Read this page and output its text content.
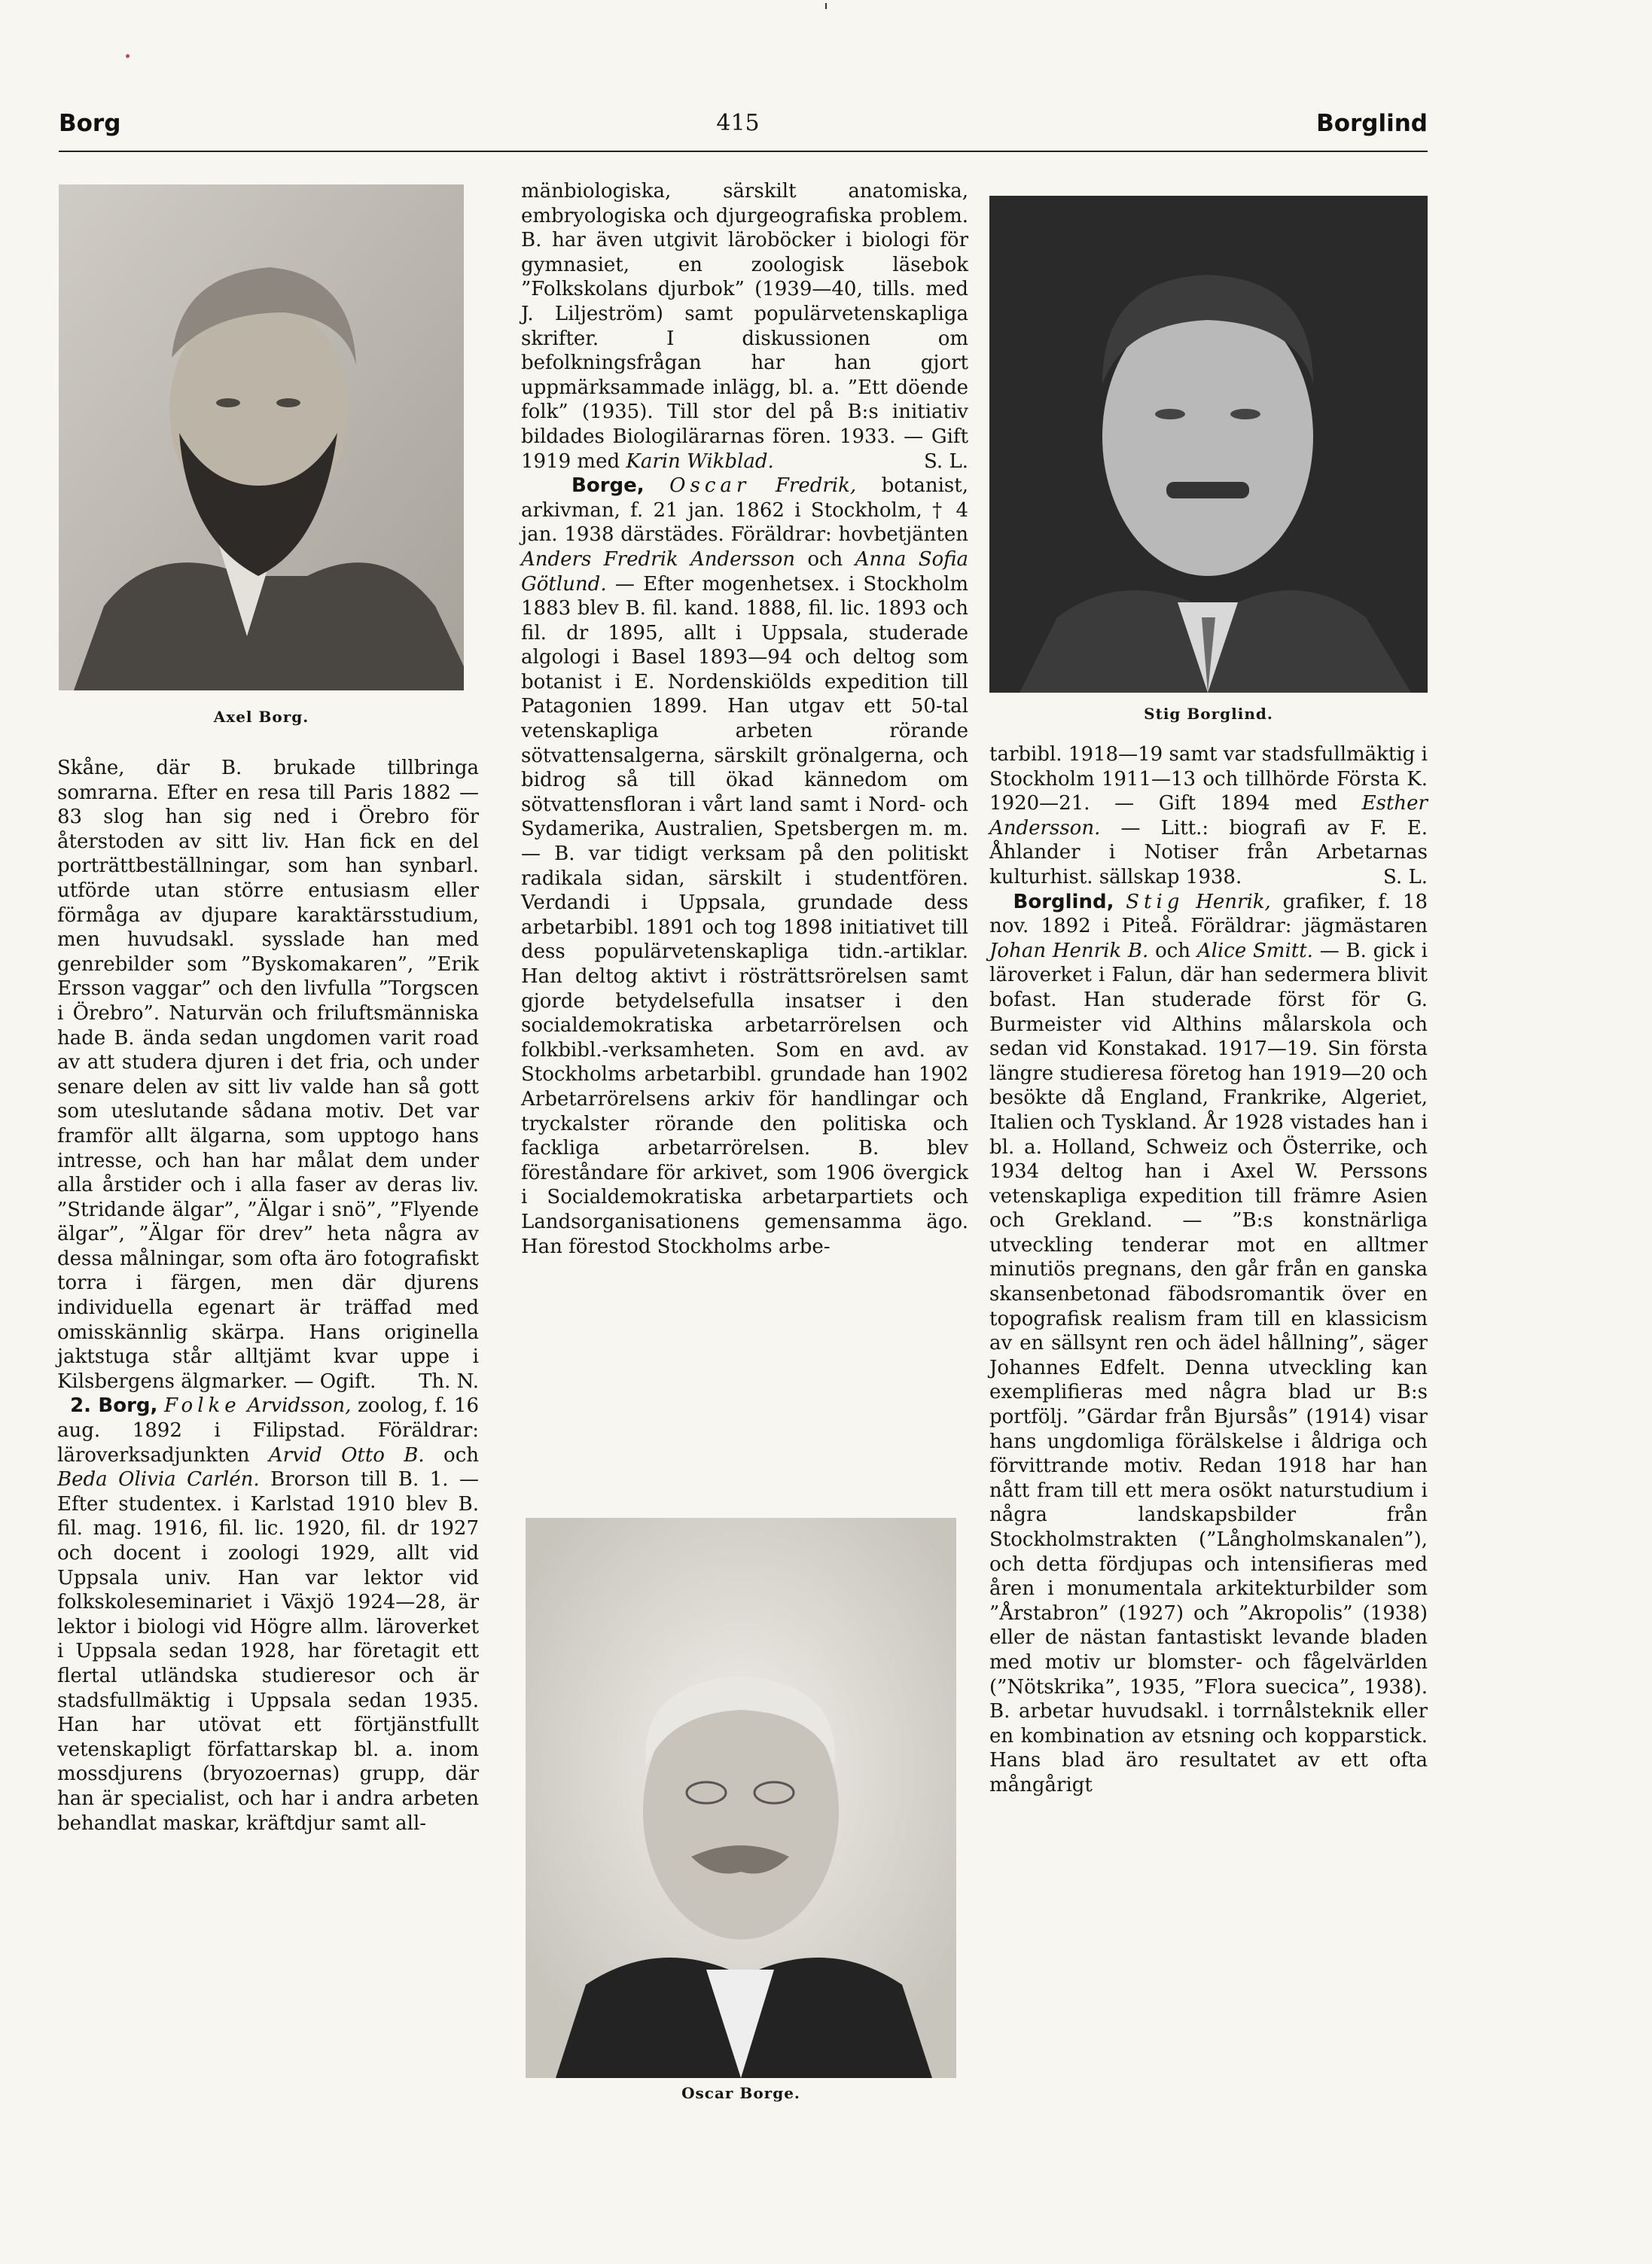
Borg	415	Borglind
Axel Borg.	Stig Borglind.
Oscar Borge.

Skåne, där B. brukade tillbringa somrarna. Efter en resa till Paris 1882 —83 slog han sig ned i Örebro för återstoden av sitt liv. Han fick en del porträttbeställningar, som han synbarl. utförde utan större entusiasm eller förmåga av djupare karaktärsstudium, men huvudsakl. sysslade han med genrebilder som ”Byskomakaren”, ”Erik Ersson vaggar” och den livfulla ”Torgscen i Örebro”. Naturvän och friluftsmänniska hade B. ända sedan ungdomen varit road av att studera djuren i det fria, och under senare delen av sitt liv valde han så gott som uteslutande sådana motiv. Det var framför allt älgarna, som upptogo hans intresse, och han har målat dem under alla årstider och i alla faser av deras liv. ”Stridande älgar”, ”Älgar i snö”, ”Flyende älgar”, ”Älgar för drev” heta några av dessa målningar, som ofta äro fotografiskt torra i färgen, men där djurens individuella egenart är träffad med omisskännlig skärpa. Hans originella jaktstuga står alltjämt kvar uppe i Kilsbergens älgmarker. — Ogift. Th. N.

2. Borg, Folke Arvidsson, zoolog, f. 16 aug. 1892 i Filipstad. Föräldrar: läroverksadjunkten Arvid Otto B. och Beda Olivia Carlén. Brorson till B. 1. — Efter studentex. i Karlstad 1910 blev B. fil. mag. 1916, fil. lic. 1920, fil. dr 1927 och docent i zoologi 1929, allt vid Uppsala univ. Han var lektor vid folkskoleseminariet i Växjö 1924—28, är lektor i biologi vid Högre allm. läroverket i Uppsala sedan 1928, har företagit ett flertal utländska studieresor och är stadsfullmäktig i Uppsala sedan 1935. Han har utövat ett förtjänstfullt vetenskapligt författarskap bl. a. inom mossdjurens (bryozoernas) grupp, där han är specialist, och har i andra arbeten behandlat maskar, kräftdjur samt all-

mänbiologiska, särskilt anatomiska, embryologiska och djurgeografiska problem. B. har även utgivit läroböcker i biologi för gymnasiet, en zoologisk läsebok ”Folkskolans djurbok” (1939—40, tills. med J. Liljeström) samt populärvetenskapliga skrifter. I diskussionen om befolkningsfrågan har han gjort uppmärksammade inlägg, bl. a. ”Ett döende folk” (1935). Till stor del på B:s initiativ bildades Biologilärarnas fören. 1933. — Gift 1919 med Karin Wikblad.	S. L.

Borge, Oscar Fredrik, botanist, arkivman, f. 21 jan. 1862 i Stockholm, † 4 jan. 1938 därstädes. Föräldrar: hovbetjänten Anders Fredrik Andersson och Anna Sofia Götlund. — Efter mogenhetsex. i Stockholm 1883 blev B. fil. kand. 1888, fil. lic. 1893 och fil. dr 1895, allt i Uppsala, studerade algologi i Basel 1893—94 och deltog som botanist i E. Nordenskiölds expedition till Patagonien 1899. Han utgav ett 50-tal vetenskapliga arbeten rörande sötvattensalgerna, särskilt grönalgerna, och bidrog så till ökad kännedom om sötvattensfloran i vårt land samt i Nord- och Sydamerika, Australien, Spetsbergen m. m. — B. var tidigt verksam på den politiskt radikala sidan, särskilt i studentfören. Verdandi i Uppsala, grundade dess arbetarbibl. 1891 och tog 1898 initiativet till dess populärvetenskapliga tidn.-artiklar. Han deltog aktivt i rösträttsrörelsen samt gjorde betydelsefulla insatser i den socialdemokratiska arbetarrörelsen och folkbibl.-verksamheten. Som en avd. av Stockholms arbetarbibl. grundade han 1902 Arbetarrörelsens arkiv för handlingar och tryckalster rörande den politiska och fackliga arbetarrörelsen. B. blev föreståndare för arkivet, som 1906 övergick i Socialdemokratiska arbetarpartiets och Landsorganisationens gemensamma ägo. Han förestod Stockholms arbe-

tarbibl. 1918—19 samt var stadsfullmäktig i Stockholm 1911—13 och tillhörde Första K. 1920—21. — Gift 1894 med Esther Andersson. — Litt.: biografi av F. E. Åhlander i Notiser från Arbetarnas kulturhist. sällskap 1938.	S. L.

Borglind, Stig Henrik, grafiker, f. 18 nov. 1892 i Piteå. Föräldrar: jägmästaren Johan Henrik B. och Alice Smitt. — B. gick i läroverket i Falun, där han sedermera blivit bofast. Han studerade först för G. Burmeister vid Althins målarskola och sedan vid Konstakad. 1917—19. Sin första längre studieresa företog han 1919—20 och besökte då England, Frankrike, Algeriet, Italien och Tyskland. År 1928 vistades han i bl. a. Holland, Schweiz och Österrike, och 1934 deltog han i Axel W. Perssons vetenskapliga expedition till främre Asien och Grekland. — ”B:s konstnärliga utveckling tenderar mot en alltmer minutiös pregnans, den går från en ganska skansenbetonad fäbodsromantik över en topografisk realism fram till en klassicism av en sällsynt ren och ädel hållning”, säger Johannes Edfelt. Denna utveckling kan exemplifieras med några blad ur B:s portfölj. ”Gärdar från Bjursås” (1914) visar hans ungdomliga förälskelse i åldriga och förvittrande motiv. Redan 1918 har han nått fram till ett mera osökt naturstudium i några landskapsbilder från Stockholmstrakten (”Långholmskanalen”), och detta fördjupas och intensifieras med åren i monumentala arkitekturbilder som ”Årstabron” (1927) och ”Akropolis” (1938) eller de nästan fantastiskt levande bladen med motiv ur blomster- och fågelvärlden (”Nötskrika”, 1935, ”Flora suecica”, 1938). B. arbetar huvudsakl. i torrnålsteknik eller en kombination av etsning och kopparstick. Hans blad äro resultatet av ett ofta mångårigt
